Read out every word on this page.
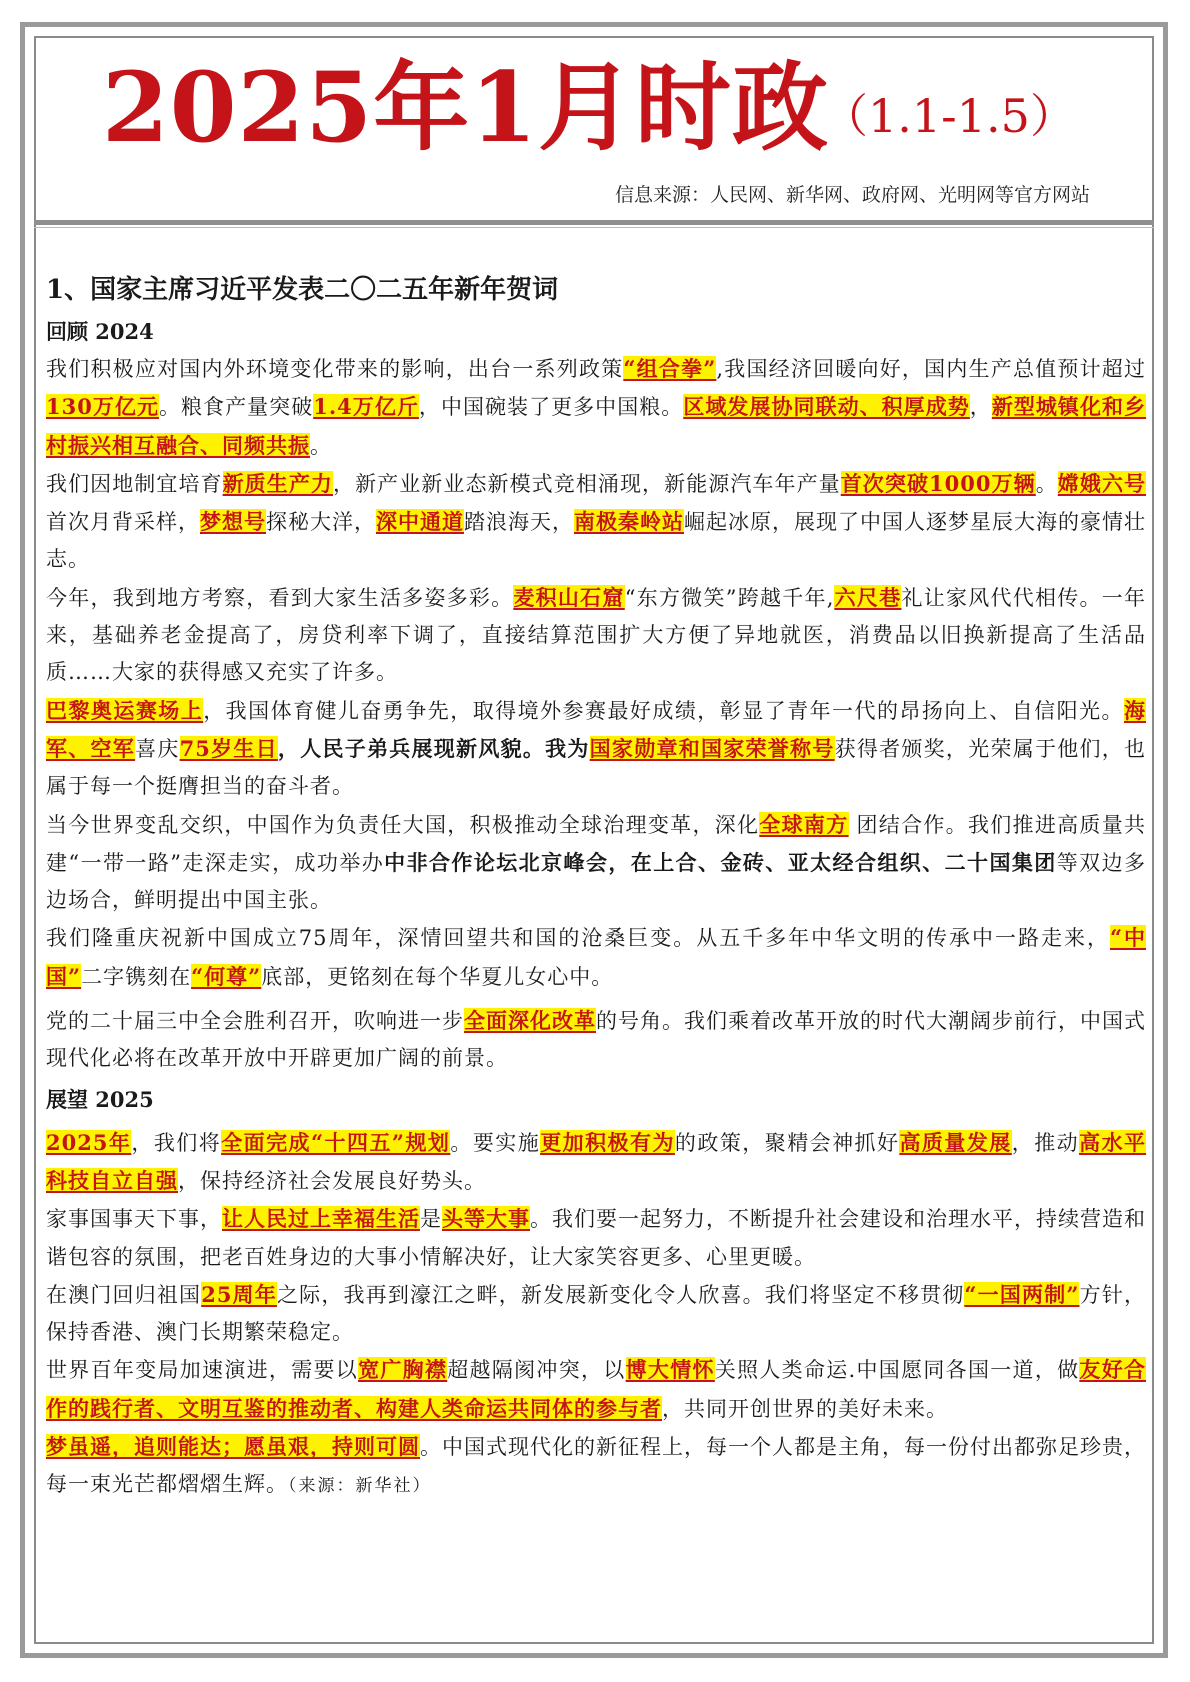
2025年1月时政
（1.1-1.5）
信息来源：人民网、新华网、政府网、光明网等官方网站
1、国家主席习近平发表二〇二五年新年贺词
回顾 2024

我们积极应对国内外环境变化带来的影响，出台一系列政策“组合拳”,我国经济回暖向好，国内生产总值预计超过130万亿元。粮食产量突破1.4万亿斤，中国碗装了更多中国粮。区域发展协同联动、积厚成势，新型城镇化和乡村振兴相互融合、同频共振。

我们因地制宜培育新质生产力，新产业新业态新模式竞相涌现，新能源汽车年产量首次突破1000万辆。嫦娥六号首次月背采样，梦想号探秘大洋，深中通道踏浪海天，南极秦岭站崛起冰原，展现了中国人逐梦星辰大海的豪情壮志。

今年，我到地方考察，看到大家生活多姿多彩。麦积山石窟“东方微笑”跨越千年,六尺巷礼让家风代代相传。一年来，基础养老金提高了，房贷利率下调了，直接结算范围扩大方便了异地就医，消费品以旧换新提高了生活品质……大家的获得感又充实了许多。

巴黎奥运赛场上，我国体育健儿奋勇争先，取得境外参赛最好成绩，彰显了青年一代的昂扬向上、自信阳光。海军、空军喜庆75岁生日，人民子弟兵展现新风貌。我为国家勋章和国家荣誉称号获得者颁奖，光荣属于他们，也属于每一个挺膺担当的奋斗者。

当今世界变乱交织，中国作为负责任大国，积极推动全球治理变革，深化全球南方 团结合作。我们推进高质量共建“一带一路”走深走实，成功举办中非合作论坛北京峰会，在上合、金砖、亚太经合组织、二十国集团等双边多边场合，鲜明提出中国主张。

我们隆重庆祝新中国成立75周年，深情回望共和国的沧桑巨变。从五千多年中华文明的传承中一路走来，“中国”二字镌刻在“何尊”底部，更铭刻在每个华夏儿女心中。

党的二十届三中全会胜利召开，吹响进一步全面深化改革的号角。我们乘着改革开放的时代大潮阔步前行，中国式现代化必将在改革开放中开辟更加广阔的前景。

展望 2025

2025年，我们将全面完成“十四五”规划。要实施更加积极有为的政策，聚精会神抓好高质量发展，推动高水平科技自立自强，保持经济社会发展良好势头。

家事国事天下事，让人民过上幸福生活是头等大事。我们要一起努力，不断提升社会建设和治理水平，持续营造和谐包容的氛围，把老百姓身边的大事小情解决好，让大家笑容更多、心里更暖。

在澳门回归祖国25周年之际，我再到濠江之畔，新发展新变化令人欣喜。我们将坚定不移贯彻“一国两制”方针，保持香港、澳门长期繁荣稳定。

世界百年变局加速演进，需要以宽广胸襟超越隔阂冲突，以博大情怀关照人类命运.中国愿同各国一道，做友好合作的践行者、文明互鉴的推动者、构建人类命运共同体的参与者，共同开创世界的美好未来。

梦虽遥，追则能达；愿虽艰，持则可圆。中国式现代化的新征程上，每一个人都是主角，每一份付出都弥足珍贵，每一束光芒都熠熠生辉。（来源：新华社）
